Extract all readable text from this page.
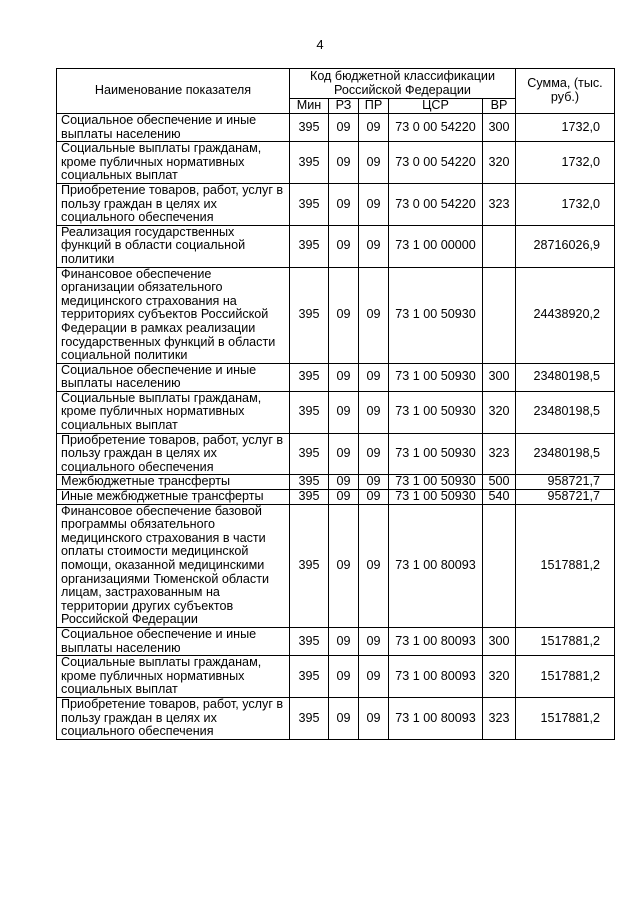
4
Наименование показателя	Код бюджетной классификации Российской Федерации					Сумма, (тыс. руб.)
	Мин	РЗ	ПР	ЦСР	ВР	
Социальное обеспечение и иные выплаты населению	395	09	09	73 0 00 54220	300	1732,0
Социальные выплаты гражданам, кроме публичных нормативных социальных выплат	395	09	09	73 0 00 54220	320	1732,0
Приобретение товаров, работ, услуг в пользу граждан в целях их социального обеспечения	395	09	09	73 0 00 54220	323	1732,0
Реализация государственных функций в области социальной политики	395	09	09	73 1 00 00000		28716026,9
Финансовое обеспечение организации обязательного медицинского страхования на территориях субъектов Российской Федерации в рамках реализации государственных функций в области социальной политики	395	09	09	73 1 00 50930		24438920,2
Социальное обеспечение и иные выплаты населению	395	09	09	73 1 00 50930	300	23480198,5
Социальные выплаты гражданам, кроме публичных нормативных социальных выплат	395	09	09	73 1 00 50930	320	23480198,5
Приобретение товаров, работ, услуг в пользу граждан в целях их социального обеспечения	395	09	09	73 1 00 50930	323	23480198,5
Межбюджетные трансферты	395	09	09	73 1 00 50930	500	958721,7
Иные межбюджетные трансферты	395	09	09	73 1 00 50930	540	958721,7
Финансовое обеспечение базовой программы обязательного медицинского страхования в части оплаты стоимости медицинской помощи, оказанной медицинскими организациями Тюменской области лицам, застрахованным на территории других субъектов Российской Федерации	395	09	09	73 1 00 80093		1517881,2
Социальное обеспечение и иные выплаты населению	395	09	09	73 1 00 80093	300	1517881,2
Социальные выплаты гражданам, кроме публичных нормативных социальных выплат	395	09	09	73 1 00 80093	320	1517881,2
Приобретение товаров, работ, услуг в пользу граждан в целях их социального обеспечения	395	09	09	73 1 00 80093	323	1517881,2
